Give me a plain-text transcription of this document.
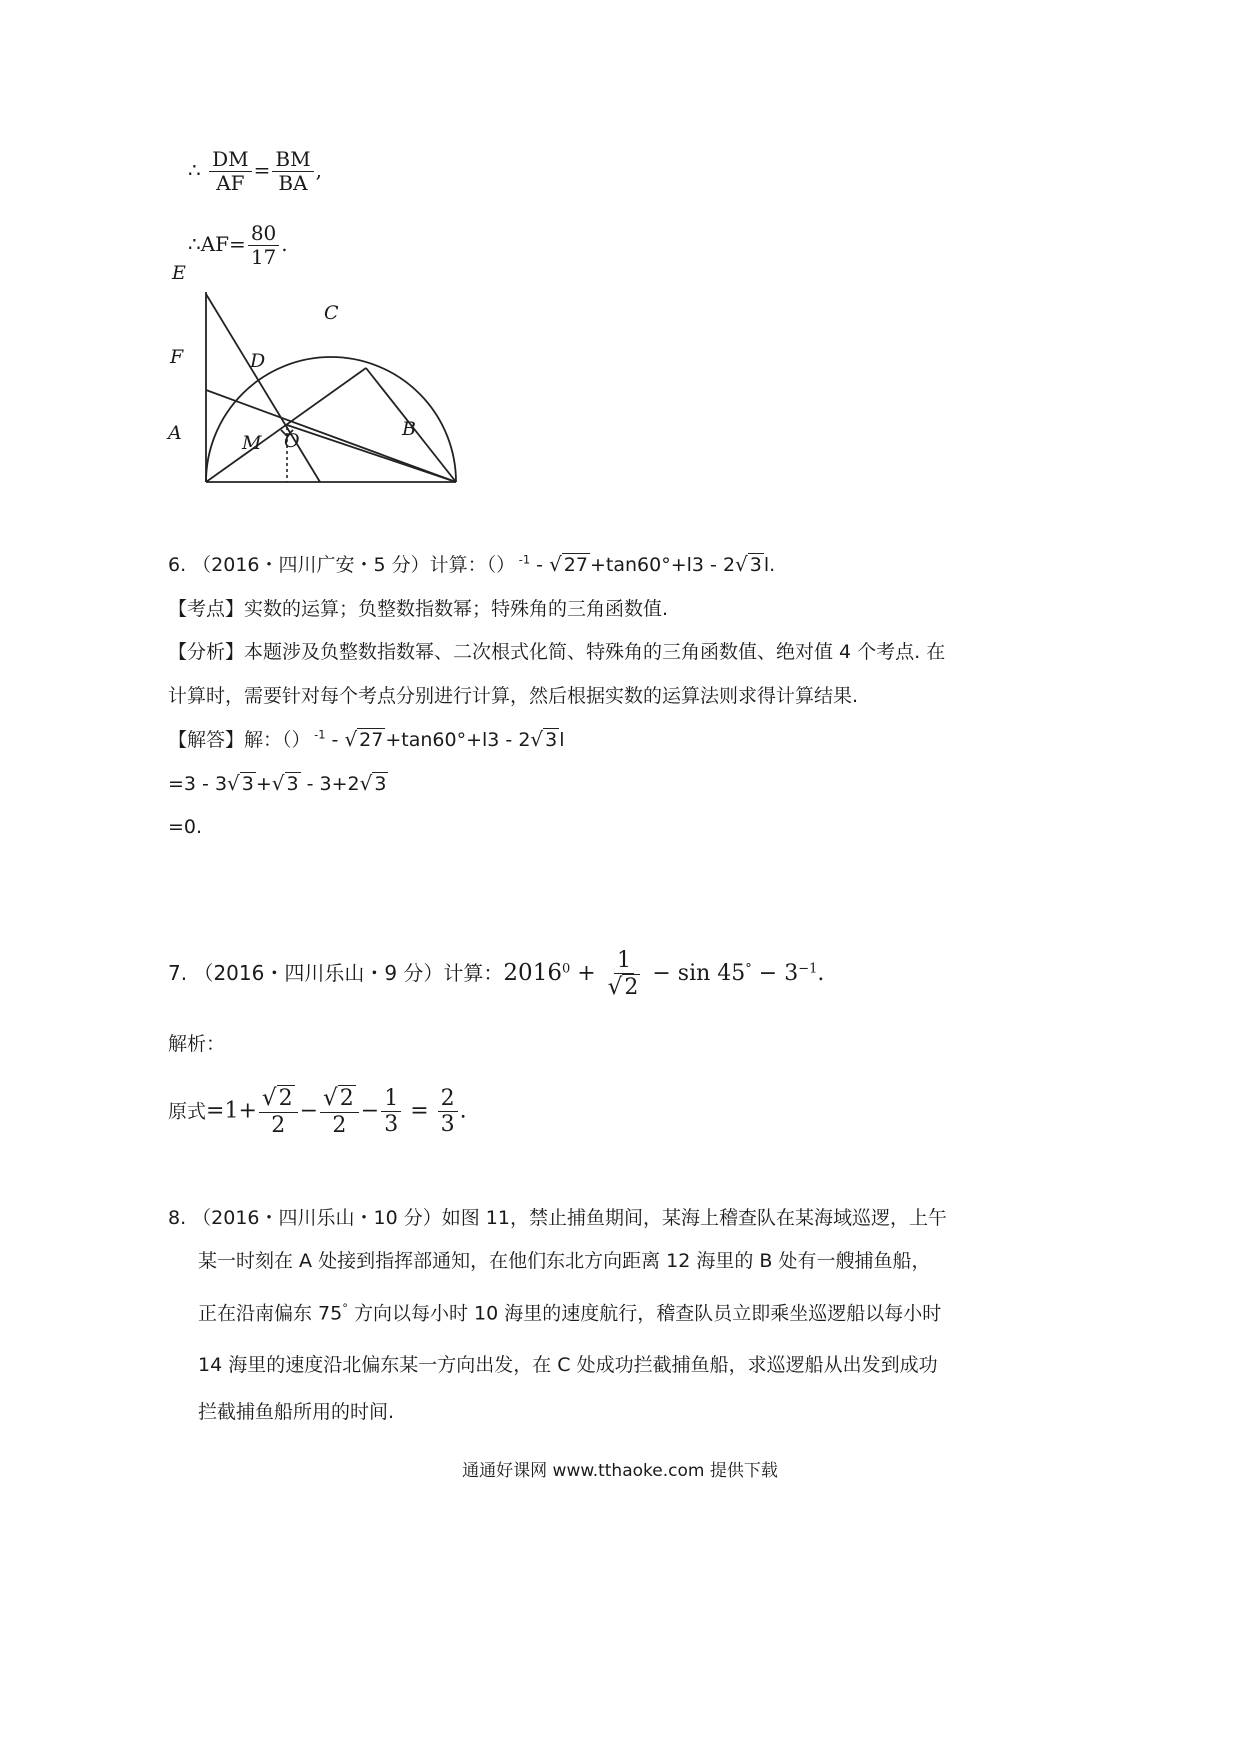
∴ $\frac{DM}{AF} = \frac{BM}{BA}$ ,
∴AF= $\frac{80}{17}$ .
E
F
A	M O
B
C
D
6. （2016・四川广安・5 分）计算：（） $^{‑1}$ ‑ √ 27 +tan60°+l3 ‑ 2√ 3 l.
【考点】实数的运算；负整数指数幂；特殊角的三角函数值.
【分析】本题涉及负整数指数幂、二次根式化简、特殊角的三角函数值、绝对值 4 个考点. 在
计算时，需要针对每个考点分别进行计算，然后根据实数的运算法则求得计算结果.
【解答】解：（） $^{‑1}$ ‑ √ 27 +tan60°+l3 ‑ 2√ 3 l
=3 ‑ 3√ 3 +√ 3 ‑ 3+2√ 3
=0.
7. （2016・四川乐山・9 分）计算：$2016^0 + \frac{1}{√2} - \sin 45^\circ - 3^{-1}$.
解析：
原式$=1+ \frac{√2}{2} - \frac{√2}{2} - \frac{1}{3} = \frac{2}{3}$ .
8. （2016・四川乐山・10 分）如图 11，禁止捕鱼期间，某海上稽查队在某海域巡逻，上午
某一时刻在 A 处接到指挥部通知，在他们东北方向距离 12 海里的 B 处有一艘捕鱼船，
正在沿南偏东 75° 方向以每小时 10 海里的速度航行，稽查队员立即乘坐巡逻船以每小时
14 海里的速度沿北偏东某一方向出发，在 C 处成功拦截捕鱼船，求巡逻船从出发到成功
拦截捕鱼船所用的时间.
通通好课网 www.tthaoke.com 提供下载
